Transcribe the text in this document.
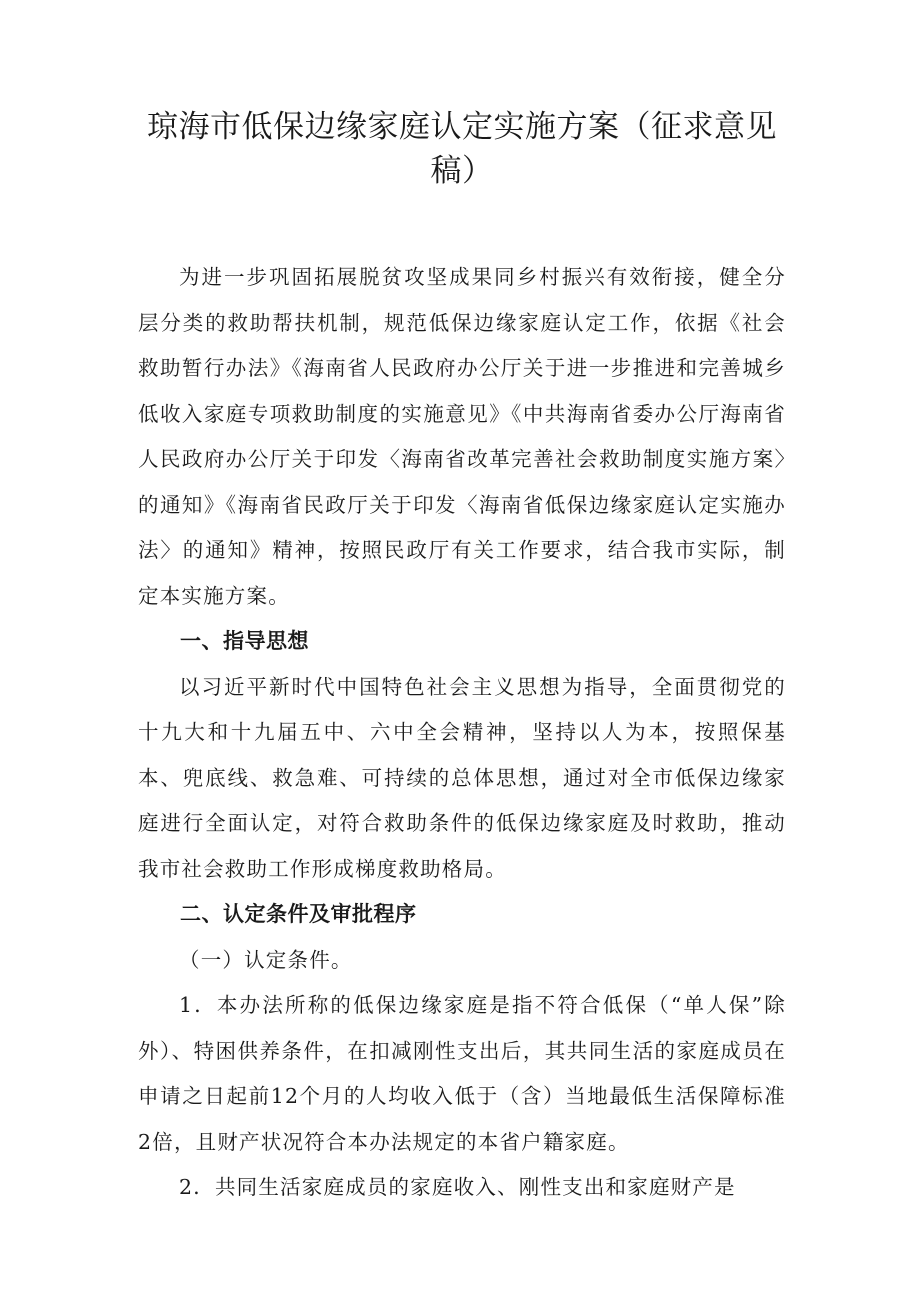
琼海市低保边缘家庭认定实施方案（征求意见稿）

为进一步巩固拓展脱贫攻坚成果同乡村振兴有效衔接，健全分层分类的救助帮扶机制，规范低保边缘家庭认定工作，依据《社会救助暂行办法》《海南省人民政府办公厅关于进一步推进和完善城乡低收入家庭专项救助制度的实施意见》《中共海南省委办公厅海南省人民政府办公厅关于印发〈海南省改革完善社会救助制度实施方案〉的通知》《海南省民政厅关于印发〈海南省低保边缘家庭认定实施办法〉的通知》精神，按照民政厅有关工作要求，结合我市实际，制定本实施方案。

一、指导思想

以习近平新时代中国特色社会主义思想为指导，全面贯彻党的十九大和十九届五中、六中全会精神，坚持以人为本，按照保基本、兜底线、救急难、可持续的总体思想，通过对全市低保边缘家庭进行全面认定，对符合救助条件的低保边缘家庭及时救助，推动我市社会救助工作形成梯度救助格局。

二、认定条件及审批程序

（一）认定条件。

1．本办法所称的低保边缘家庭是指不符合低保（“单人保”除外）、特困供养条件，在扣减刚性支出后，其共同生活的家庭成员在申请之日起前12个月的人均收入低于（含）当地最低生活保障标准2倍，且财产状况符合本办法规定的本省户籍家庭。

2．共同生活家庭成员的家庭收入、刚性支出和家庭财产是
